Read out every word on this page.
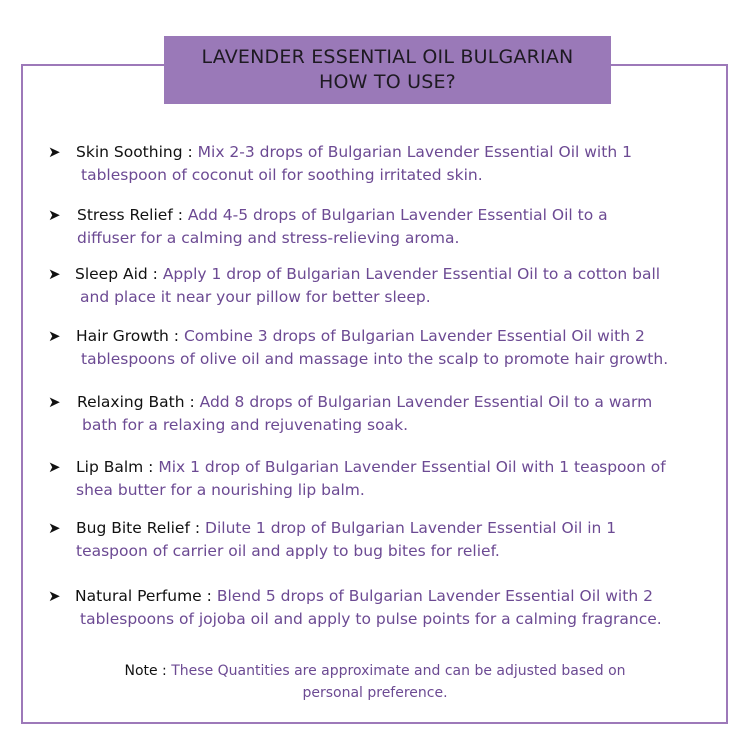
LAVENDER ESSENTIAL OIL BULGARIAN
HOW TO USE?
➤ Skin Soothing : Mix 2-3 drops of Bulgarian Lavender Essential Oil with 1
tablespoon of coconut oil for soothing irritated skin.
➤ Stress Relief : Add 4-5 drops of Bulgarian Lavender Essential Oil to a
diffuser for a calming and stress-relieving aroma.
➤ Sleep Aid : Apply 1 drop of Bulgarian Lavender Essential Oil to a cotton ball
and place it near your pillow for better sleep.
➤ Hair Growth : Combine 3 drops of Bulgarian Lavender Essential Oil with 2
tablespoons of olive oil and massage into the scalp to promote hair growth.
➤ Relaxing Bath : Add 8 drops of Bulgarian Lavender Essential Oil to a warm
bath for a relaxing and rejuvenating soak.
➤ Lip Balm : Mix 1 drop of Bulgarian Lavender Essential Oil with 1 teaspoon of
shea butter for a nourishing lip balm.
➤ Bug Bite Relief : Dilute 1 drop of Bulgarian Lavender Essential Oil in 1
teaspoon of carrier oil and apply to bug bites for relief.
➤ Natural Perfume : Blend 5 drops of Bulgarian Lavender Essential Oil with 2
tablespoons of jojoba oil and apply to pulse points for a calming fragrance.
Note : These Quantities are approximate and can be adjusted based on
personal preference.
